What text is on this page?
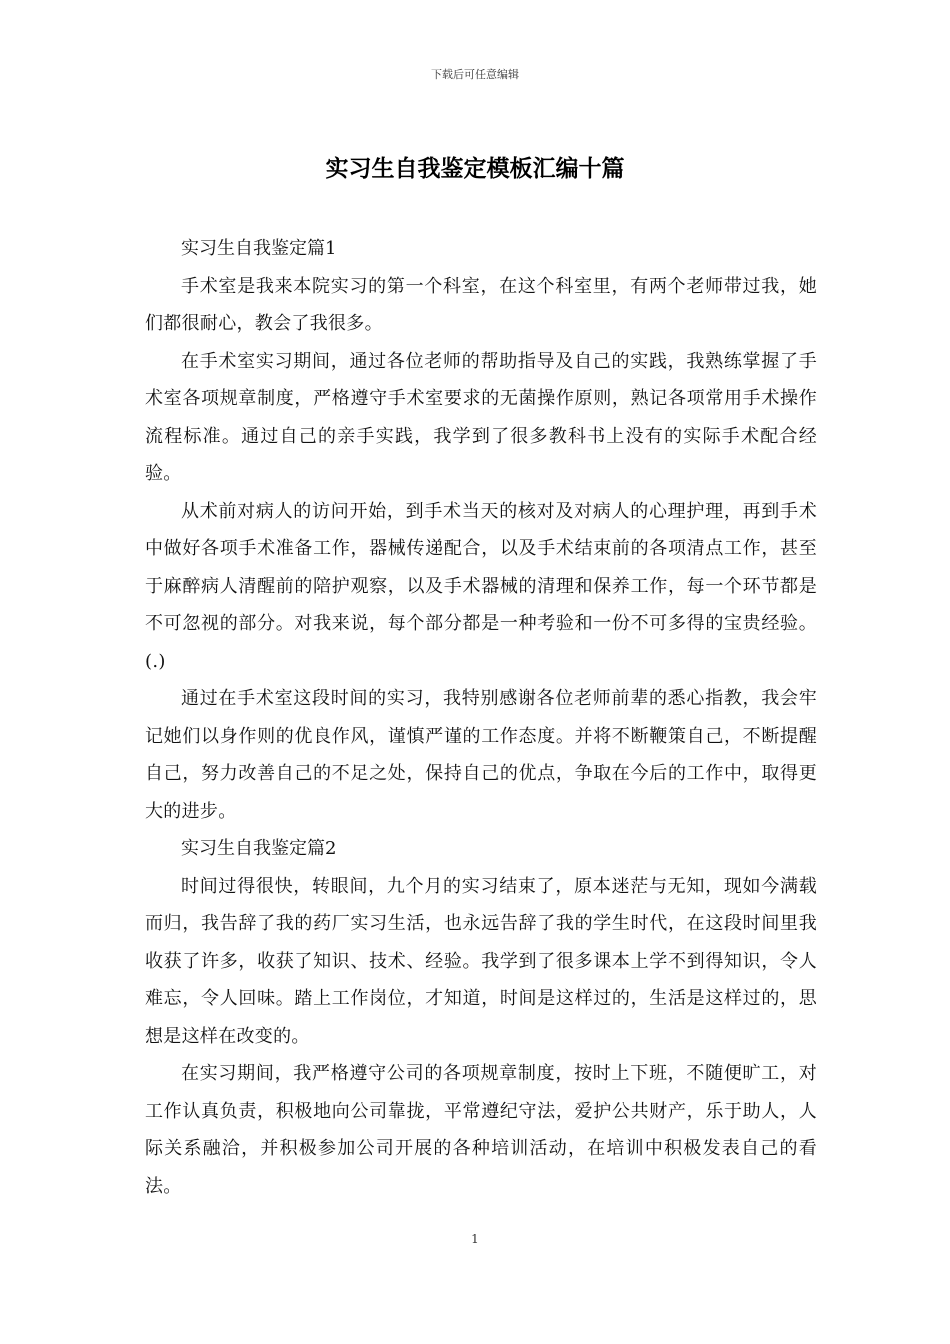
下载后可任意编辑
实习生自我鉴定模板汇编十篇

实习生自我鉴定篇1

手术室是我来本院实习的第一个科室，在这个科室里，有两个老师带过我，她们都很耐心，教会了我很多。

在手术室实习期间，通过各位老师的帮助指导及自己的实践，我熟练掌握了手术室各项规章制度，严格遵守手术室要求的无菌操作原则，熟记各项常用手术操作流程标准。通过自己的亲手实践，我学到了很多教科书上没有的实际手术配合经验。

从术前对病人的访问开始，到手术当天的核对及对病人的心理护理，再到手术中做好各项手术准备工作，器械传递配合，以及手术结束前的各项清点工作，甚至于麻醉病人清醒前的陪护观察，以及手术器械的清理和保养工作，每一个环节都是不可忽视的部分。对我来说，每个部分都是一种考验和一份不可多得的宝贵经验。(.)

通过在手术室这段时间的实习，我特别感谢各位老师前辈的悉心指教，我会牢记她们以身作则的优良作风，谨慎严谨的工作态度。并将不断鞭策自己，不断提醒自己，努力改善自己的不足之处，保持自己的优点，争取在今后的工作中，取得更大的进步。

实习生自我鉴定篇2

时间过得很快，转眼间，九个月的实习结束了，原本迷茫与无知，现如今满载而归，我告辞了我的药厂实习生活，也永远告辞了我的学生时代，在这段时间里我收获了许多，收获了知识、技术、经验。我学到了很多课本上学不到得知识，令人难忘，令人回味。踏上工作岗位，才知道，时间是这样过的，生活是这样过的，思想是这样在改变的。

在实习期间，我严格遵守公司的各项规章制度，按时上下班，不随便旷工，对工作认真负责，积极地向公司靠拢，平常遵纪守法，爱护公共财产，乐于助人，人际关系融洽，并积极参加公司开展的各种培训活动，在培训中积极发表自己的看法。

1
